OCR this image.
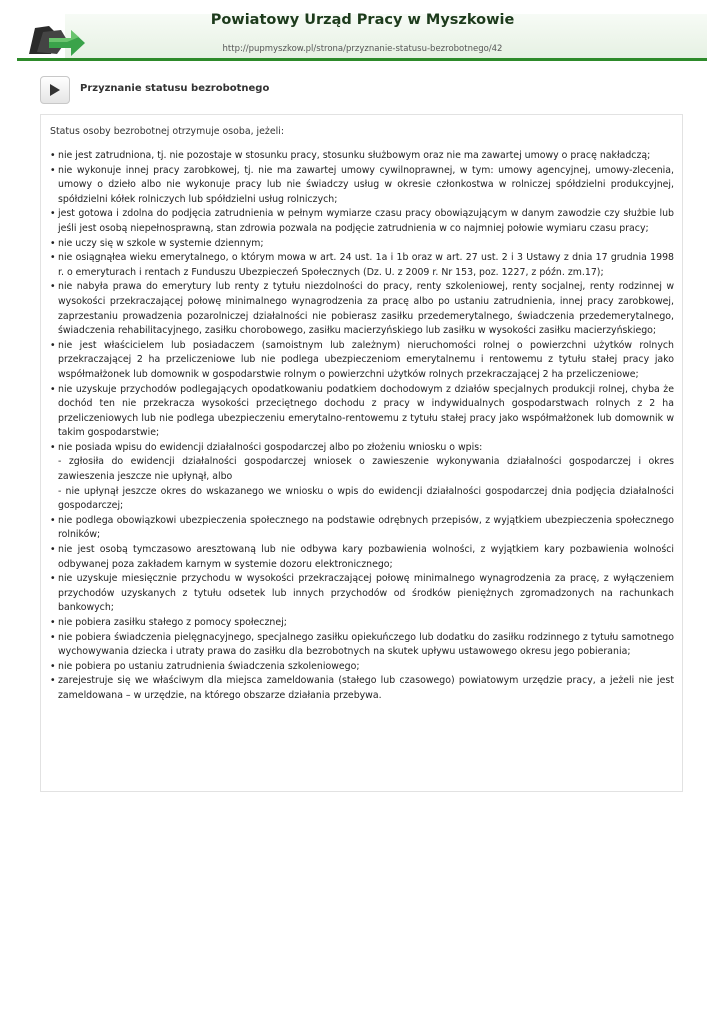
Powiatowy Urząd Pracy w Myszkowie
http://pupmyszkow.pl/strona/przyznanie-statusu-bezrobotnego/42
Przyznanie statusu bezrobotnego
Status osoby bezrobotnej otrzymuje osoba, jeżeli:
• nie jest zatrudniona, tj. nie pozostaje w stosunku pracy, stosunku służbowym oraz nie ma zawartej umowy o pracę nakładczą;
• nie wykonuje innej pracy zarobkowej, tj. nie ma zawartej umowy cywilnoprawnej, w tym: umowy agencyjnej, umowy-zlecenia, umowy o dzieło albo nie wykonuje pracy lub nie świadczy usług w okresie członkostwa w rolniczej spółdzielni produkcyjnej, spółdzielni kółek rolniczych lub spółdzielni usług rolniczych;
• jest gotowa i zdolna do podjęcia zatrudnienia w pełnym wymiarze czasu pracy obowiązującym w danym zawodzie czy służbie lub jeśli jest osobą niepełnosprawną, stan zdrowia pozwala na podjęcie zatrudnienia w co najmniej połowie wymiaru czasu pracy;
• nie uczy się w szkole w systemie dziennym;
• nie osiągnąłea wieku emerytalnego, o którym mowa w art. 24 ust. 1a i 1b oraz w art. 27 ust. 2 i 3 Ustawy z dnia 17 grudnia 1998 r. o emeryturach i rentach z Funduszu Ubezpieczeń Społecznych (Dz. U. z 2009 r. Nr 153, poz. 1227, z późn. zm.17);
• nie nabyła prawa do emerytury lub renty z tytułu niezdolności do pracy, renty szkoleniowej, renty socjalnej, renty rodzinnej w wysokości przekraczającej połowę minimalnego wynagrodzenia za pracę albo po ustaniu zatrudnienia, innej pracy zarobkowej, zaprzestaniu prowadzenia pozarolniczej działalności nie pobierasz zasiłku przedemerytalnego, świadczenia przedemerytalnego, świadczenia rehabilitacyjnego, zasiłku chorobowego, zasiłku macierzyńskiego lub zasiłku w wysokości zasiłku macierzyńskiego;
• nie jest właścicielem lub posiadaczem (samoistnym lub zależnym) nieruchomości rolnej o powierzchni użytków rolnych przekraczającej 2 ha przeliczeniowe lub nie podlega ubezpieczeniom emerytalnemu i rentowemu z tytułu stałej pracy jako współmałżonek lub domownik w gospodarstwie rolnym o powierzchni użytków rolnych przekraczającej 2 ha przeliczeniowe;
• nie uzyskuje przychodów podlegających opodatkowaniu podatkiem dochodowym z działów specjalnych produkcji rolnej, chyba że dochód ten nie przekracza wysokości przeciętnego dochodu z pracy w indywidualnych gospodarstwach rolnych z 2 ha przeliczeniowych lub nie podlega ubezpieczeniu emerytalno-rentowemu z tytułu stałej pracy jako współmałżonek lub domownik w takim gospodarstwie;
• nie posiada wpisu do ewidencji działalności gospodarczej albo po złożeniu wniosku o wpis:
- zgłosiła do ewidencji działalności gospodarczej wniosek o zawieszenie wykonywania działalności gospodarczej i okres zawieszenia jeszcze nie upłynął, albo
- nie upłynął jeszcze okres do wskazanego we wniosku o wpis do ewidencji działalności gospodarczej dnia podjęcia działalności gospodarczej;
• nie podlega obowiązkowi ubezpieczenia społecznego na podstawie odrębnych przepisów, z wyjątkiem ubezpieczenia społecznego rolników;
• nie jest osobą tymczasowo aresztowaną lub nie odbywa kary pozbawienia wolności, z wyjątkiem kary pozbawienia wolności odbywanej poza zakładem karnym w systemie dozoru elektronicznego;
• nie uzyskuje miesięcznie przychodu w wysokości przekraczającej połowę minimalnego wynagrodzenia za pracę, z wyłączeniem przychodów uzyskanych z tytułu odsetek lub innych przychodów od środków pieniężnych zgromadzonych na rachunkach bankowych;
• nie pobiera zasiłku stałego z pomocy społecznej;
• nie pobiera świadczenia pielęgnacyjnego, specjalnego zasiłku opiekuńczego lub dodatku do zasiłku rodzinnego z tytułu samotnego wychowywania dziecka i utraty prawa do zasiłku dla bezrobotnych na skutek upływu ustawowego okresu jego pobierania;
• nie pobiera po ustaniu zatrudnienia świadczenia szkoleniowego;
• zarejestruje się we właściwym dla miejsca zameldowania (stałego lub czasowego) powiatowym urzędzie pracy, a jeżeli nie jest zameldowana – w urzędzie, na którego obszarze działania przebywa.
